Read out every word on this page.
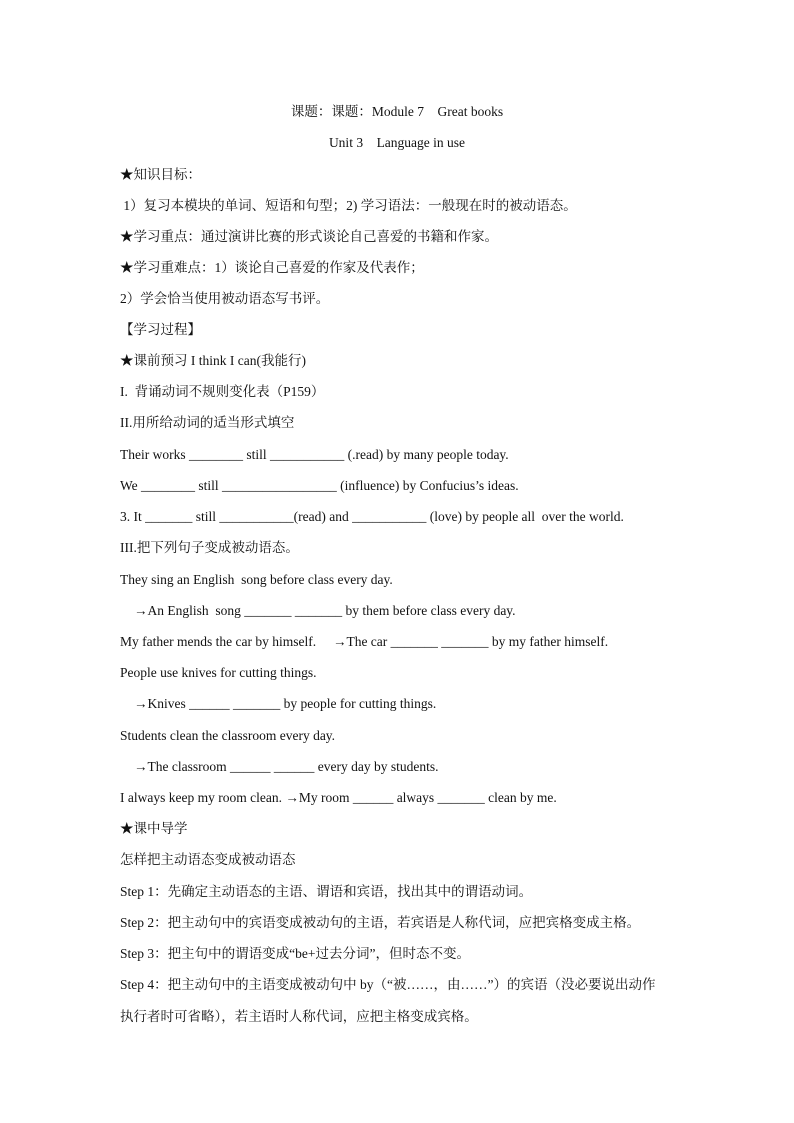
课题：课题：Module 7    Great books
Unit 3    Language in use
★知识目标：
1）复习本模块的单词、短语和句型；2) 学习语法：一般现在时的被动语态。
★学习重点：通过演讲比赛的形式谈论自己喜爱的书籍和作家。
★学习重难点：1）谈论自己喜爱的作家及代表作；
2）学会恰当使用被动语态写书评。
【学习过程】
★课前预习 I think I can(我能行)
I.  背诵动词不规则变化表（P159）
II.用所给动词的适当形式填空
Their works ________ still ___________ (.read) by many people today.
We ________ still _________________ (influence) by Confucius’s ideas.
3. It _______ still ___________(read) and ___________ (love) by people all  over the world.
III.把下列句子变成被动语态。
They sing an English  song before class every day.
→An English  song _______ _______ by them before class every day.
My father mends the car by himself.     →The car _______ _______ by my father himself.
People use knives for cutting things.
→Knives ______ _______ by people for cutting things.
Students clean the classroom every day.
→The classroom ______ ______ every day by students.
I always keep my room clean. →My room ______ always _______ clean by me.
★课中导学
怎样把主动语态变成被动语态
Step 1：先确定主动语态的主语、谓语和宾语，找出其中的谓语动词。
Step 2：把主动句中的宾语变成被动句的主语，若宾语是人称代词，应把宾格变成主格。
Step 3：把主句中的谓语变成“be+过去分词”，但时态不变。
Step 4：把主动句中的主语变成被动句中 by（“被……，由……”）的宾语（没必要说出动作
执行者时可省略），若主语时人称代词，应把主格变成宾格。
